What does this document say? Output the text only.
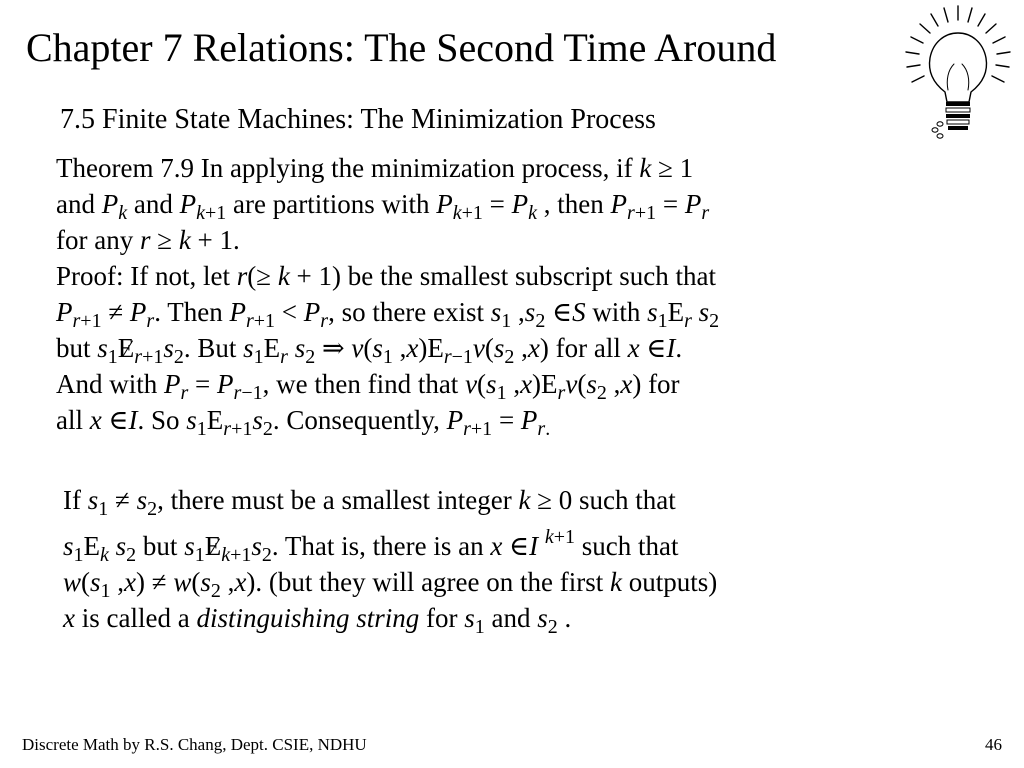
Chapter 7 Relations: The Second Time Around
7.5 Finite State Machines: The Minimization Process
Theorem 7.9 In applying the minimization process, if k ≥ 1
and $P_k$ and $P_{k+1}$ are partitions with $P_{k+1} = P_k$ , then $P_{r+1} = P_r$
for any r ≥ k + 1.
Proof: If not, let r(≥ k + 1) be the smallest subscript such that
$P_{r+1} \ne P_r$. Then $P_{r+1} < P_r$, so there exist $s_1$ $,s_2$ ∈S with $s_1E_r$ $s_2$
but $s_1E_{r+1}s_2$. But $s_1E_r$ $s_2$ ⇒ $v(s_1$ $,x)E_{r-1}v(s_2$ ,x) for all x ∈I.
And with $P_r = P_{r-1}$, we then find that $v(s_1$ $,x)E_rv(s_2$ ,x) for
all x ∈I. So $s_1E_{r+1}s_2$. Consequently, $P_{r+1} = P_{r.}$
If $s_1 \ne s_2$, there must be a smallest integer k ≥ 0 such that
$s_1E_k$ $s_2$ but $s_1E_{k+1}s_2$. That is, there is an x ∈I $^{k+1}$ such that
$w(s_1$ $,x) \ne w(s_2$ ,x). (but they will agree on the first k outputs)
x is called a distinguishing string for $s_1$ and $s_2$ .
Discrete Math by R.S. Chang, Dept. CSIE, NDHU	46
